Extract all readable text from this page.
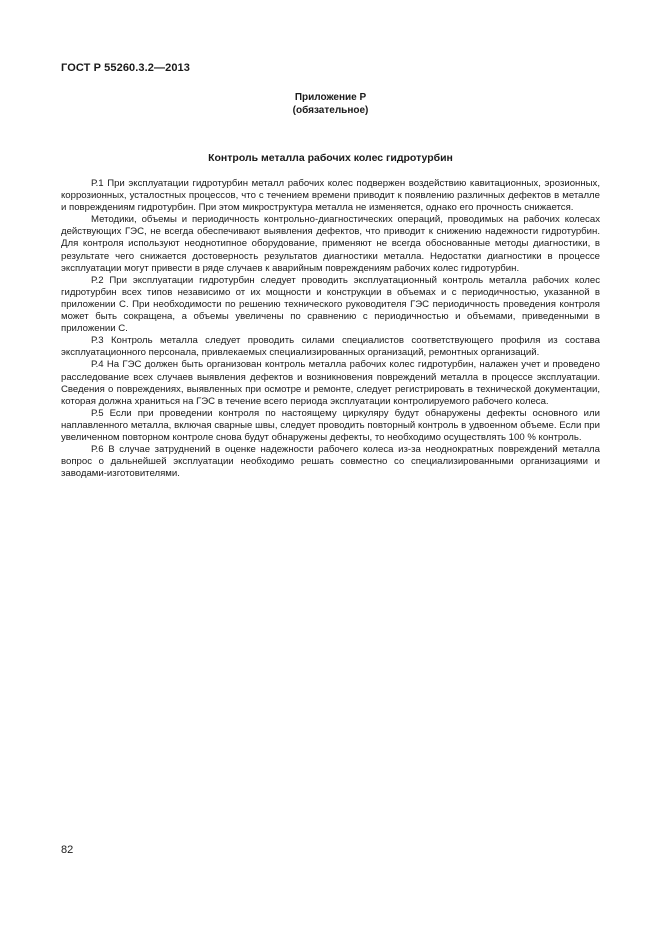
ГОСТ Р 55260.3.2—2013
Приложение Р
(обязательное)
Контроль металла рабочих колес гидротурбин

Р.1 При эксплуатации гидротурбин металл рабочих колес подвержен воздействию кавитационных, эрозионных, коррозионных, усталостных процессов, что с течением времени приводит к появлению различных дефектов в металле и повреждениям гидротурбин. При этом микроструктура металла не изменяется, однако его прочность снижается.

Методики, объемы и периодичность контрольно-диагностических операций, проводимых на рабочих колесах действующих ГЭС, не всегда обеспечивают выявления дефектов, что приводит к снижению надежности гидротурбин. Для контроля используют неоднотипное оборудование, применяют не всегда обоснованные методы диагностики, в результате чего снижается достоверность результатов диагностики металла. Недостатки диагностики в процессе эксплуатации могут привести в ряде случаев к аварийным повреждениям рабочих колес гидротурбин.

Р.2 При эксплуатации гидротурбин следует проводить эксплуатационный контроль металла рабочих колес гидротурбин всех типов независимо от их мощности и конструкции в объемах и с периодичностью, указанной в приложении С. При необходимости по решению технического руководителя ГЭС периодичность проведения контроля может быть сокращена, а объемы увеличены по сравнению с периодичностью и объемами, приведенными в приложении С.

Р.3 Контроль металла следует проводить силами специалистов соответствующего профиля из состава эксплуатационного персонала, привлекаемых специализированных организаций, ремонтных организаций.

Р.4 На ГЭС должен быть организован контроль металла рабочих колес гидротурбин, налажен учет и проведено расследование всех случаев выявления дефектов и возникновения повреждений металла в процессе эксплуатации. Сведения о повреждениях, выявленных при осмотре и ремонте, следует регистрировать в технической документации, которая должна храниться на ГЭС в течение всего периода эксплуатации контролируемого рабочего колеса.

Р.5 Если при проведении контроля по настоящему циркуляру будут обнаружены дефекты основного или наплавленного металла, включая сварные швы, следует проводить повторный контроль в удвоенном объеме. Если при увеличенном повторном контроле снова будут обнаружены дефекты, то необходимо осуществлять 100 % контроль.

Р.6 В случае затруднений в оценке надежности рабочего колеса из-за неоднократных повреждений металла вопрос о дальнейшей эксплуатации необходимо решать совместно со специализированными организациями и заводами-изготовителями.

82
